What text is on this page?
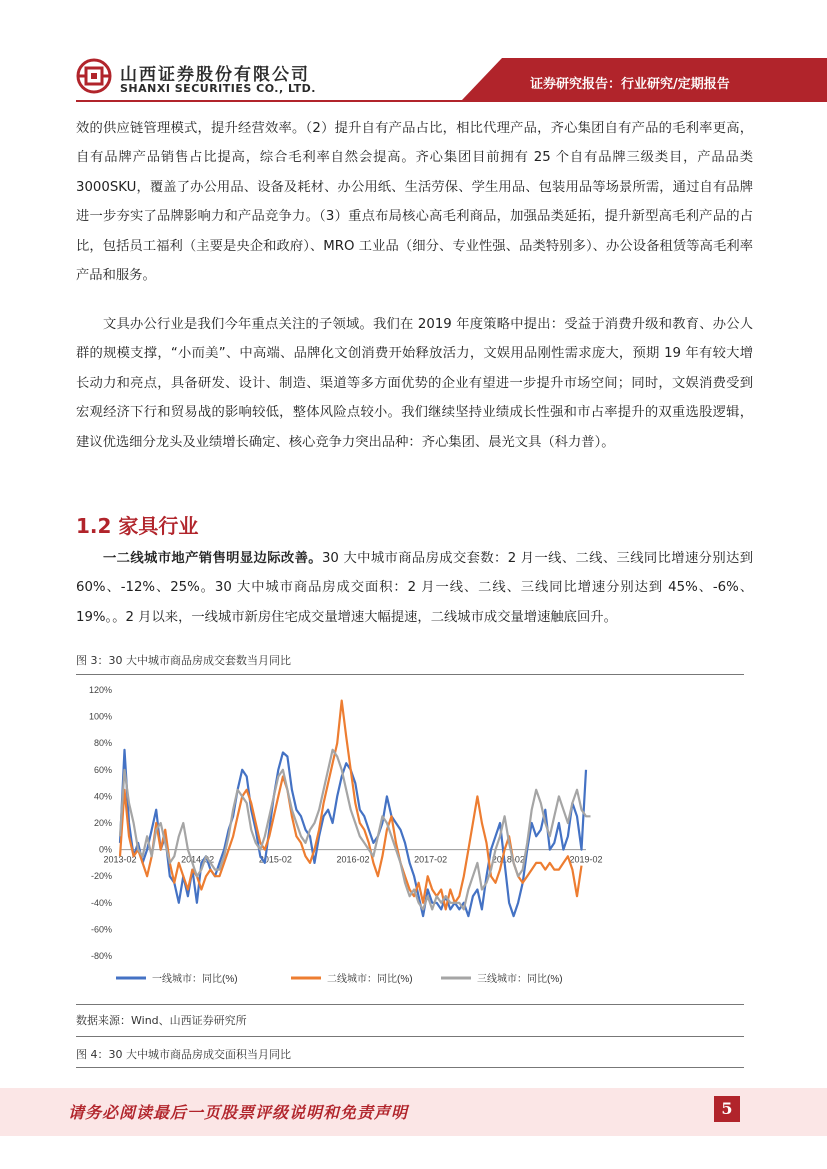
山西证券股份有限公司
SHANXI SECURITIES CO., LTD.	证券研究报告：行业研究/定期报告

效的供应链管理模式，提升经营效率。（2）提升自有产品占比，相比代理产品，齐心集团自有产品的毛利率更高，自有品牌产品销售占比提高，综合毛利率自然会提高。齐心集团目前拥有 25 个自有品牌三级类目，产品品类 3000SKU，覆盖了办公用品、设备及耗材、办公用纸、生活劳保、学生用品、包装用品等场景所需，通过自有品牌进一步夯实了品牌影响力和产品竞争力。（3）重点布局核心高毛利商品，加强品类延拓，提升新型高毛利产品的占比，包括员工福利（主要是央企和政府）、MRO 工业品（细分、专业性强、品类特别多）、办公设备租赁等高毛利率产品和服务。

文具办公行业是我们今年重点关注的子领域。我们在 2019 年度策略中提出：受益于消费升级和教育、办公人群的规模支撑，“小而美”、中高端、品牌化文创消费开始释放活力，文娱用品刚性需求庞大，预期 19 年有较大增长动力和亮点，具备研发、设计、制造、渠道等多方面优势的企业有望进一步提升市场空间；同时，文娱消费受到宏观经济下行和贸易战的影响较低，整体风险点较小。我们继续坚持业绩成长性强和市占率提升的双重选股逻辑，建议优选细分龙头及业绩增长确定、核心竞争力突出品种：齐心集团、晨光文具（科力普）。

1.2 家具行业

一二线城市地产销售明显边际改善。30 大中城市商品房成交套数：2 月一线、二线、三线同比增速分别达到 60%、-12%、25%。30 大中城市商品房成交面积：2 月一线、二线、三线同比增速分别达到 45%、-6%、19%。。2 月以来，一线城市新房住宅成交量增速大幅提速，二线城市成交量增速触底回升。

图 3：30 大中城市商品房成交套数当月同比
120%
100%
80%
60%
40%
20%
0%
-20%
-40%
-60%
-80%
2013-02	2014-02	2015-02	2016-02	2017-02	2018-02	2019-02
一线城市：同比(%)	二线城市：同比(%)	三线城市：同比(%)
数据来源：Wind、山西证券研究所
图 4：30 大中城市商品房成交面积当月同比
请务必阅读最后一页股票评级说明和免责声明	5
